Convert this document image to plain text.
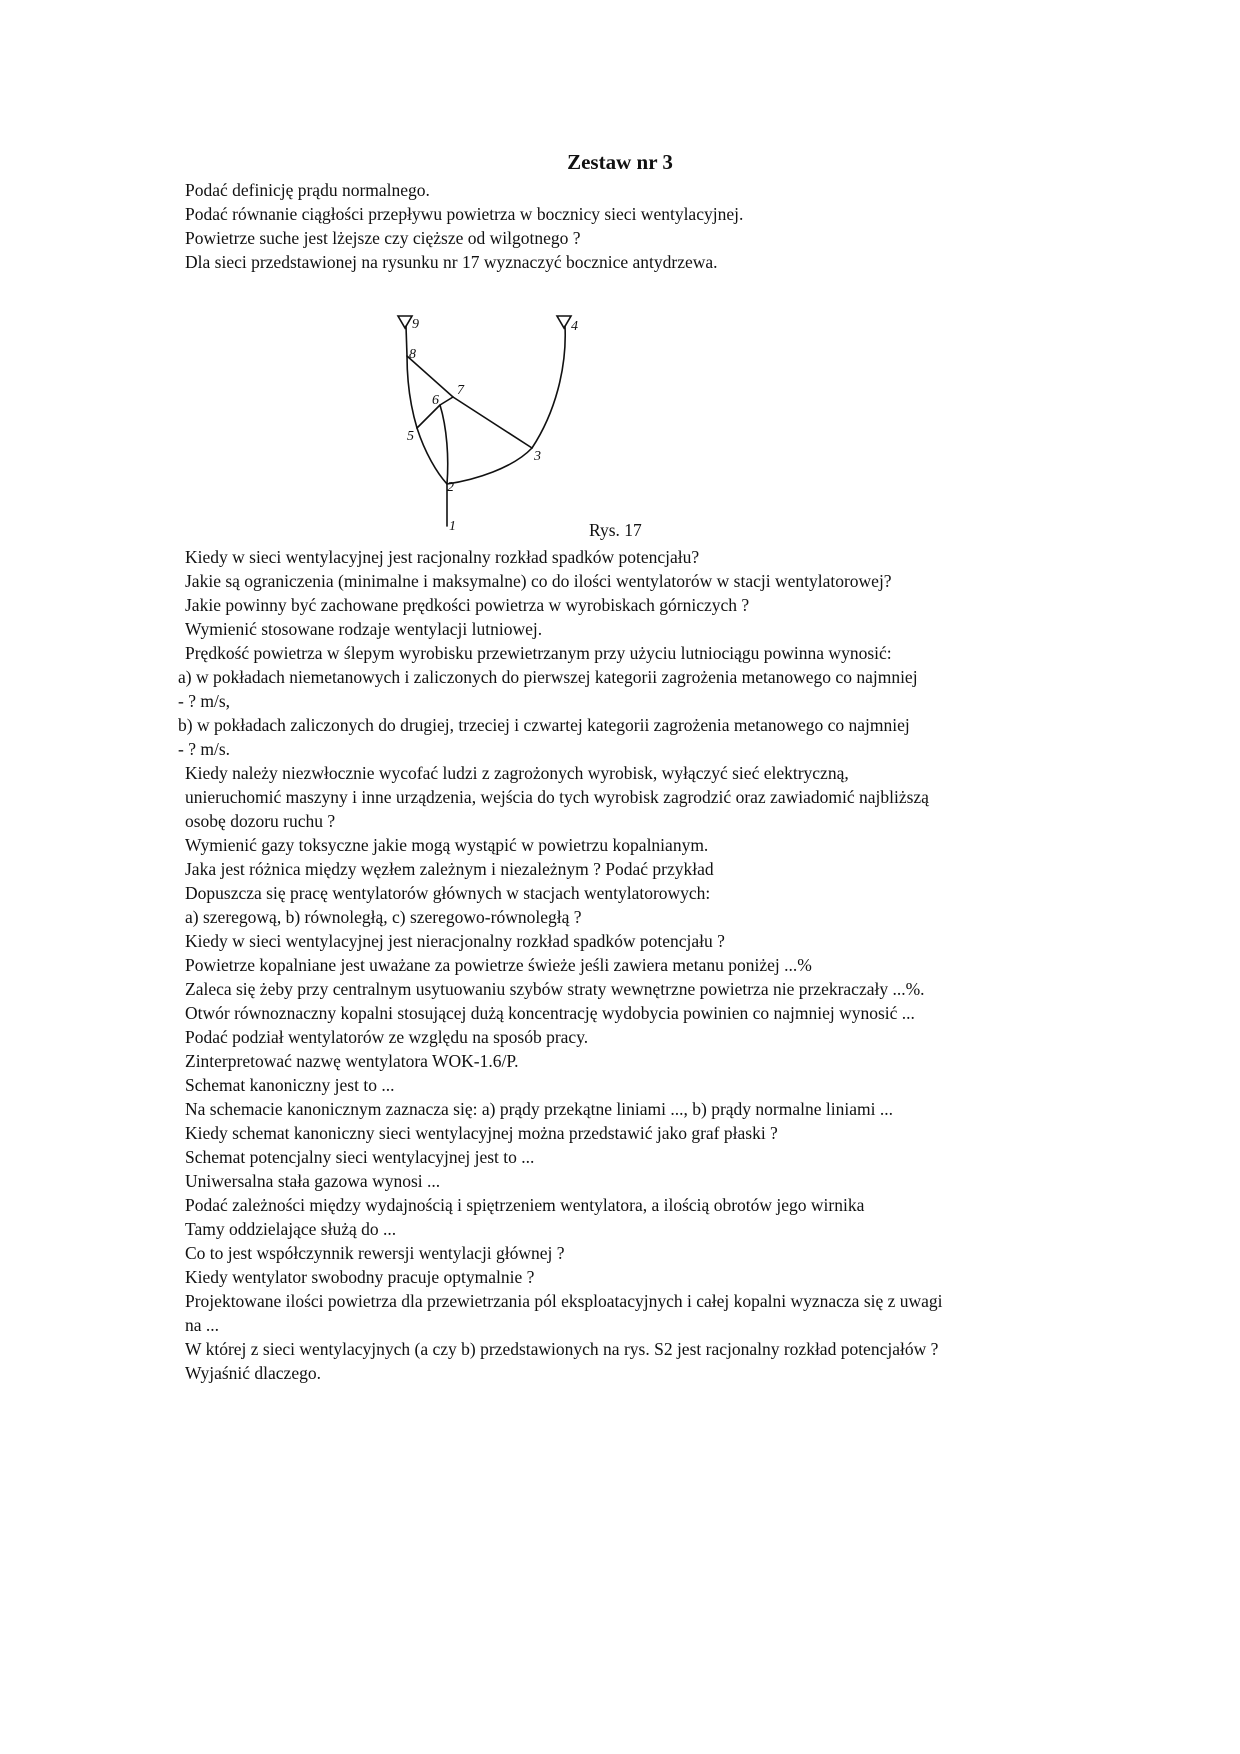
Zestaw nr 3
Podać definicję prądu normalnego.
Podać równanie ciągłości przepływu powietrza w bocznicy sieci wentylacyjnej.
Powietrze suche jest lżejsze czy cięższe od wilgotnego ?
Dla sieci przedstawionej na rysunku nr 17 wyznaczyć bocznice antydrzewa.
1
2
3
4
5
6
7
8
9
Rys. 17
Kiedy w sieci wentylacyjnej jest racjonalny rozkład spadków potencjału?
Jakie są ograniczenia (minimalne i maksymalne) co do ilości wentylatorów w stacji wentylatorowej?
Jakie powinny być zachowane prędkości powietrza w wyrobiskach górniczych ?
Wymienić stosowane rodzaje wentylacji lutniowej.
Prędkość powietrza w ślepym wyrobisku przewietrzanym przy użyciu lutniociągu powinna wynosić:
a) w pokładach niemetanowych i zaliczonych do pierwszej kategorii zagrożenia metanowego co najmniej
- ? m/s,
b) w pokładach zaliczonych do drugiej, trzeciej i czwartej kategorii zagrożenia metanowego co najmniej
- ? m/s.
Kiedy należy niezwłocznie wycofać ludzi z zagrożonych wyrobisk, wyłączyć sieć elektryczną,
unieruchomić maszyny i inne urządzenia, wejścia do tych wyrobisk zagrodzić oraz zawiadomić najbliższą
osobę dozoru ruchu ?
Wymienić gazy toksyczne jakie mogą wystąpić w powietrzu kopalnianym.
Jaka jest różnica między węzłem zależnym i niezależnym ? Podać przykład
Dopuszcza się pracę wentylatorów głównych w stacjach wentylatorowych:
a) szeregową, b) równoległą, c) szeregowo-równoległą ?
Kiedy w sieci wentylacyjnej jest nieracjonalny rozkład spadków potencjału ?
Powietrze kopalniane jest uważane za powietrze świeże jeśli zawiera metanu poniżej ...%
Zaleca się żeby przy centralnym usytuowaniu szybów straty wewnętrzne powietrza nie przekraczały ...%.
Otwór równoznaczny kopalni stosującej dużą koncentrację wydobycia powinien co najmniej wynosić ...
Podać podział wentylatorów ze względu na sposób pracy.
Zinterpretować nazwę wentylatora WOK-1.6/P.
Schemat kanoniczny jest to ...
Na schemacie kanonicznym zaznacza się: a) prądy przekątne liniami ..., b) prądy normalne liniami ...
Kiedy schemat kanoniczny sieci wentylacyjnej można przedstawić jako graf płaski ?
Schemat potencjalny sieci wentylacyjnej jest to ...
Uniwersalna stała gazowa wynosi ...
Podać zależności między wydajnością i spiętrzeniem wentylatora, a ilością obrotów jego wirnika
Tamy oddzielające służą do ...
Co to jest współczynnik rewersji wentylacji głównej ?
Kiedy wentylator swobodny pracuje optymalnie ?
Projektowane ilości powietrza dla przewietrzania pól eksploatacyjnych i całej kopalni wyznacza się z uwagi
na ...
W której z sieci wentylacyjnych (a czy b) przedstawionych na rys. S2 jest racjonalny rozkład potencjałów ?
Wyjaśnić dlaczego.
